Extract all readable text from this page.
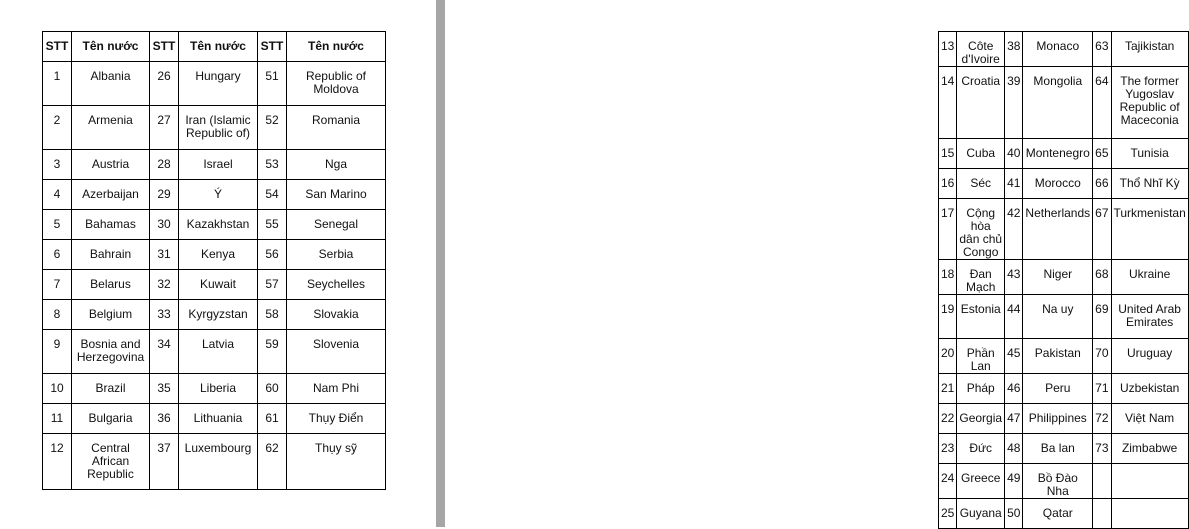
STT	Tên nước	STT	Tên nước	STT	Tên nước

1	Albania	26	Hungary	51	Republic of Moldova

2	Armenia	27	Iran (Islamic Republic of)	52	Romania

3	Austria	28	Israel	53	Nga

4	Azerbaijan	29	Ý	54	San Marino

5	Bahamas	30	Kazakhstan	55	Senegal

6	Bahrain	31	Kenya	56	Serbia

7	Belarus	32	Kuwait	57	Seychelles

8	Belgium	33	Kyrgyzstan	58	Slovakia

9	Bosnia and Herzegovina	34	Latvia	59	Slovenia

10	Brazil	35	Liberia	60	Nam Phi

11	Bulgaria	36	Lithuania	61	Thụy Điển

12	Central African Republic	37	Luxembourg	62	Thụy sỹ
13	Côte d'Ivoire	38	Monaco	63	Tajikistan

14	Croatia	39	Mongolia	64	The former Yugoslav Republic of Maceconia

15	Cuba	40	Montenegro	65	Tunisia

16	Séc	41	Morocco	66	Thổ Nhĩ Kỳ

17	Cộng hòa dân chủ Congo	42	Netherlands	67	Turkmenistan

18	Đan Mạch	43	Niger	68	Ukraine

19	Estonia	44	Na uy	69	United Arab Emirates

20	Phần Lan	45	Pakistan	70	Uruguay

21	Pháp	46	Peru	71	Uzbekistan

22	Georgia	47	Philippines	72	Việt Nam

23	Đức	48	Ba lan	73	Zimbabwe

24	Greece	49	Bồ Đào Nha		

25	Guyana	50	Qatar		
